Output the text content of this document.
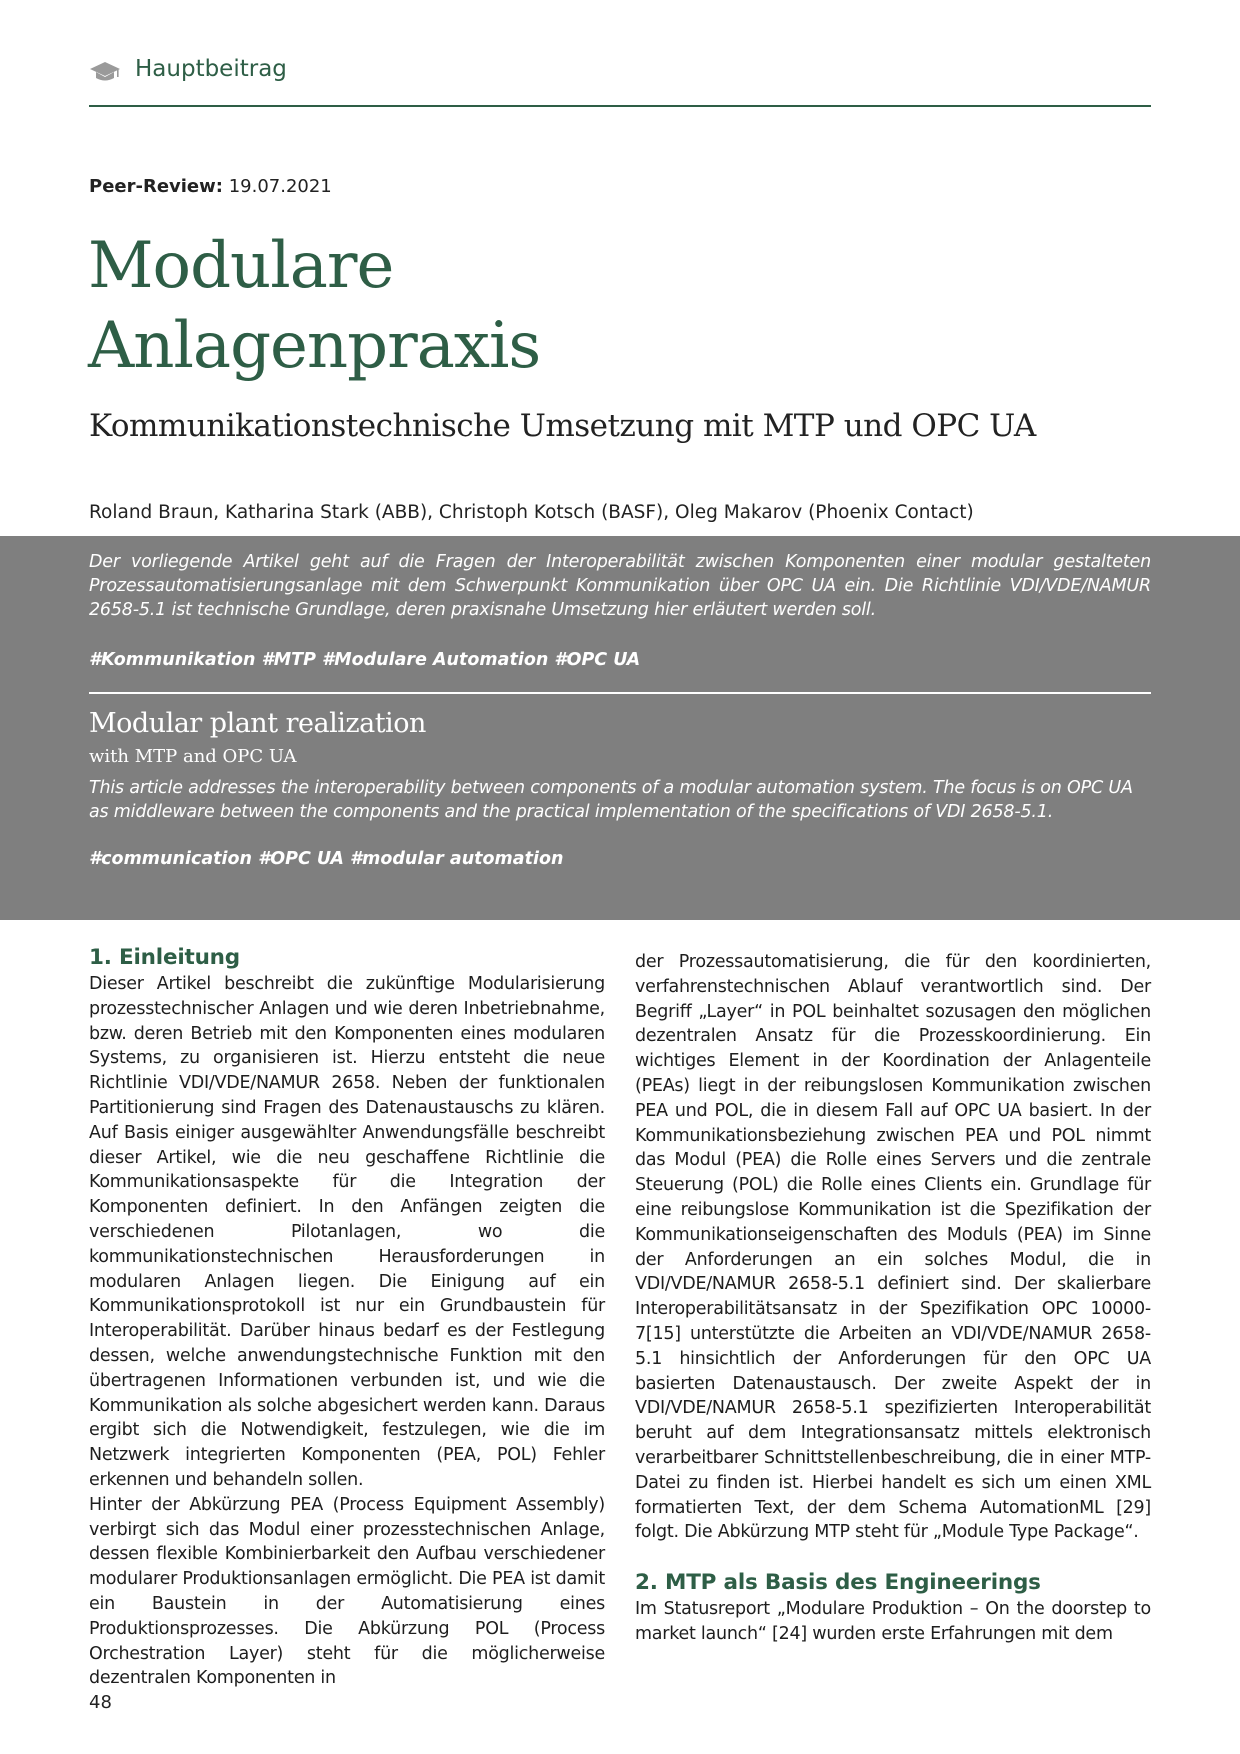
Hauptbeitrag
Peer-Review: 19.07.2021
Modulare
Anlagenpraxis
Kommunikationstechnische Umsetzung mit MTP und OPC UA
Roland Braun, Katharina Stark (ABB), Christoph Kotsch (BASF), Oleg Makarov (Phoenix Contact)
Der vorliegende Artikel geht auf die Fragen der Interoperabilität zwischen Komponenten einer modular gestalteten Prozessautomatisierungsanlage mit dem Schwerpunkt Kommunikation über OPC UA ein. Die Richtlinie VDI/VDE/NAMUR 2658-5.1 ist technische Grundlage, deren praxisnahe Umsetzung hier erläutert werden soll.
#Kommunikation #MTP #Modulare Automation #OPC UA
Modular plant realization
with MTP and OPC UA
This article addresses the interoperability between components of a modular automation system. The focus is on OPC UA as middleware between the components and the practical implementation of the specifications of VDI 2658-5.1.
#communication #OPC UA #modular automation
1. Einleitung

Dieser Artikel beschreibt die zukünftige Modularisierung prozesstechnischer Anlagen und wie deren Inbetriebnahme, bzw. deren Betrieb mit den Komponenten eines modularen Systems, zu organisieren ist. Hierzu entsteht die neue Richtlinie VDI/VDE/NAMUR 2658. Neben der funktionalen Partitionierung sind Fragen des Datenaustauschs zu klären. Auf Basis einiger ausgewählter Anwendungsfälle beschreibt dieser Artikel, wie die neu geschaffene Richtlinie die Kommunikationsaspekte für die Integration der Komponenten definiert. In den Anfängen zeigten die verschiedenen Pilotanlagen, wo die kommunikationstechnischen Herausforderungen in modularen Anlagen liegen. Die Einigung auf ein Kommunikationsprotokoll ist nur ein Grundbaustein für Interoperabilität. Darüber hinaus bedarf es der Festlegung dessen, welche anwendungstechnische Funktion mit den übertragenen Informationen verbunden ist, und wie die Kommunikation als solche abgesichert werden kann. Daraus ergibt sich die Notwendigkeit, festzulegen, wie die im Netzwerk integrierten Komponenten (PEA, POL) Fehler erkennen und behandeln sollen.

Hinter der Abkürzung PEA (Process Equipment Assembly) verbirgt sich das Modul einer prozesstechnischen Anlage, dessen flexible Kombinierbarkeit den Aufbau verschiedener modularer Produktionsanlagen ermöglicht. Die PEA ist damit ein Baustein in der Automatisierung eines Produktionsprozesses. Die Abkürzung POL (Process Orchestration Layer) steht für die möglicherweise dezentralen Komponenten in

der Prozessautomatisierung, die für den koordinierten, verfahrenstechnischen Ablauf verantwortlich sind. Der Begriff „Layer“ in POL beinhaltet sozusagen den möglichen dezentralen Ansatz für die Prozesskoordinierung. Ein wichtiges Element in der Koordination der Anlagenteile (PEAs) liegt in der reibungslosen Kommunikation zwischen PEA und POL, die in diesem Fall auf OPC UA basiert. In der Kommunikationsbeziehung zwischen PEA und POL nimmt das Modul (PEA) die Rolle eines Servers und die zentrale Steuerung (POL) die Rolle eines Clients ein. Grundlage für eine reibungslose Kommunikation ist die Spezifikation der Kommunikationseigenschaften des Moduls (PEA) im Sinne der Anforderungen an ein solches Modul, die in VDI/VDE/NAMUR 2658-5.1 definiert sind. Der skalierbare Interoperabilitätsansatz in der Spezifikation OPC 10000-7[15] unterstützte die Arbeiten an VDI/VDE/NAMUR 2658-5.1 hinsichtlich der Anforderungen für den OPC UA basierten Datenaustausch. Der zweite Aspekt der in VDI/VDE/NAMUR 2658-5.1 spezifizierten Interoperabilität beruht auf dem Integrationsansatz mittels elektronisch verarbeitbarer Schnittstellenbeschreibung, die in einer MTP-Datei zu finden ist. Hierbei handelt es sich um einen XML formatierten Text, der dem Schema AutomationML [29] folgt. Die Abkürzung MTP steht für „Module Type Package“.

2. MTP als Basis des Engineerings

Im Statusreport „Modulare Produktion – On the doorstep to market launch“ [24] wurden erste Erfahrungen mit dem

48
